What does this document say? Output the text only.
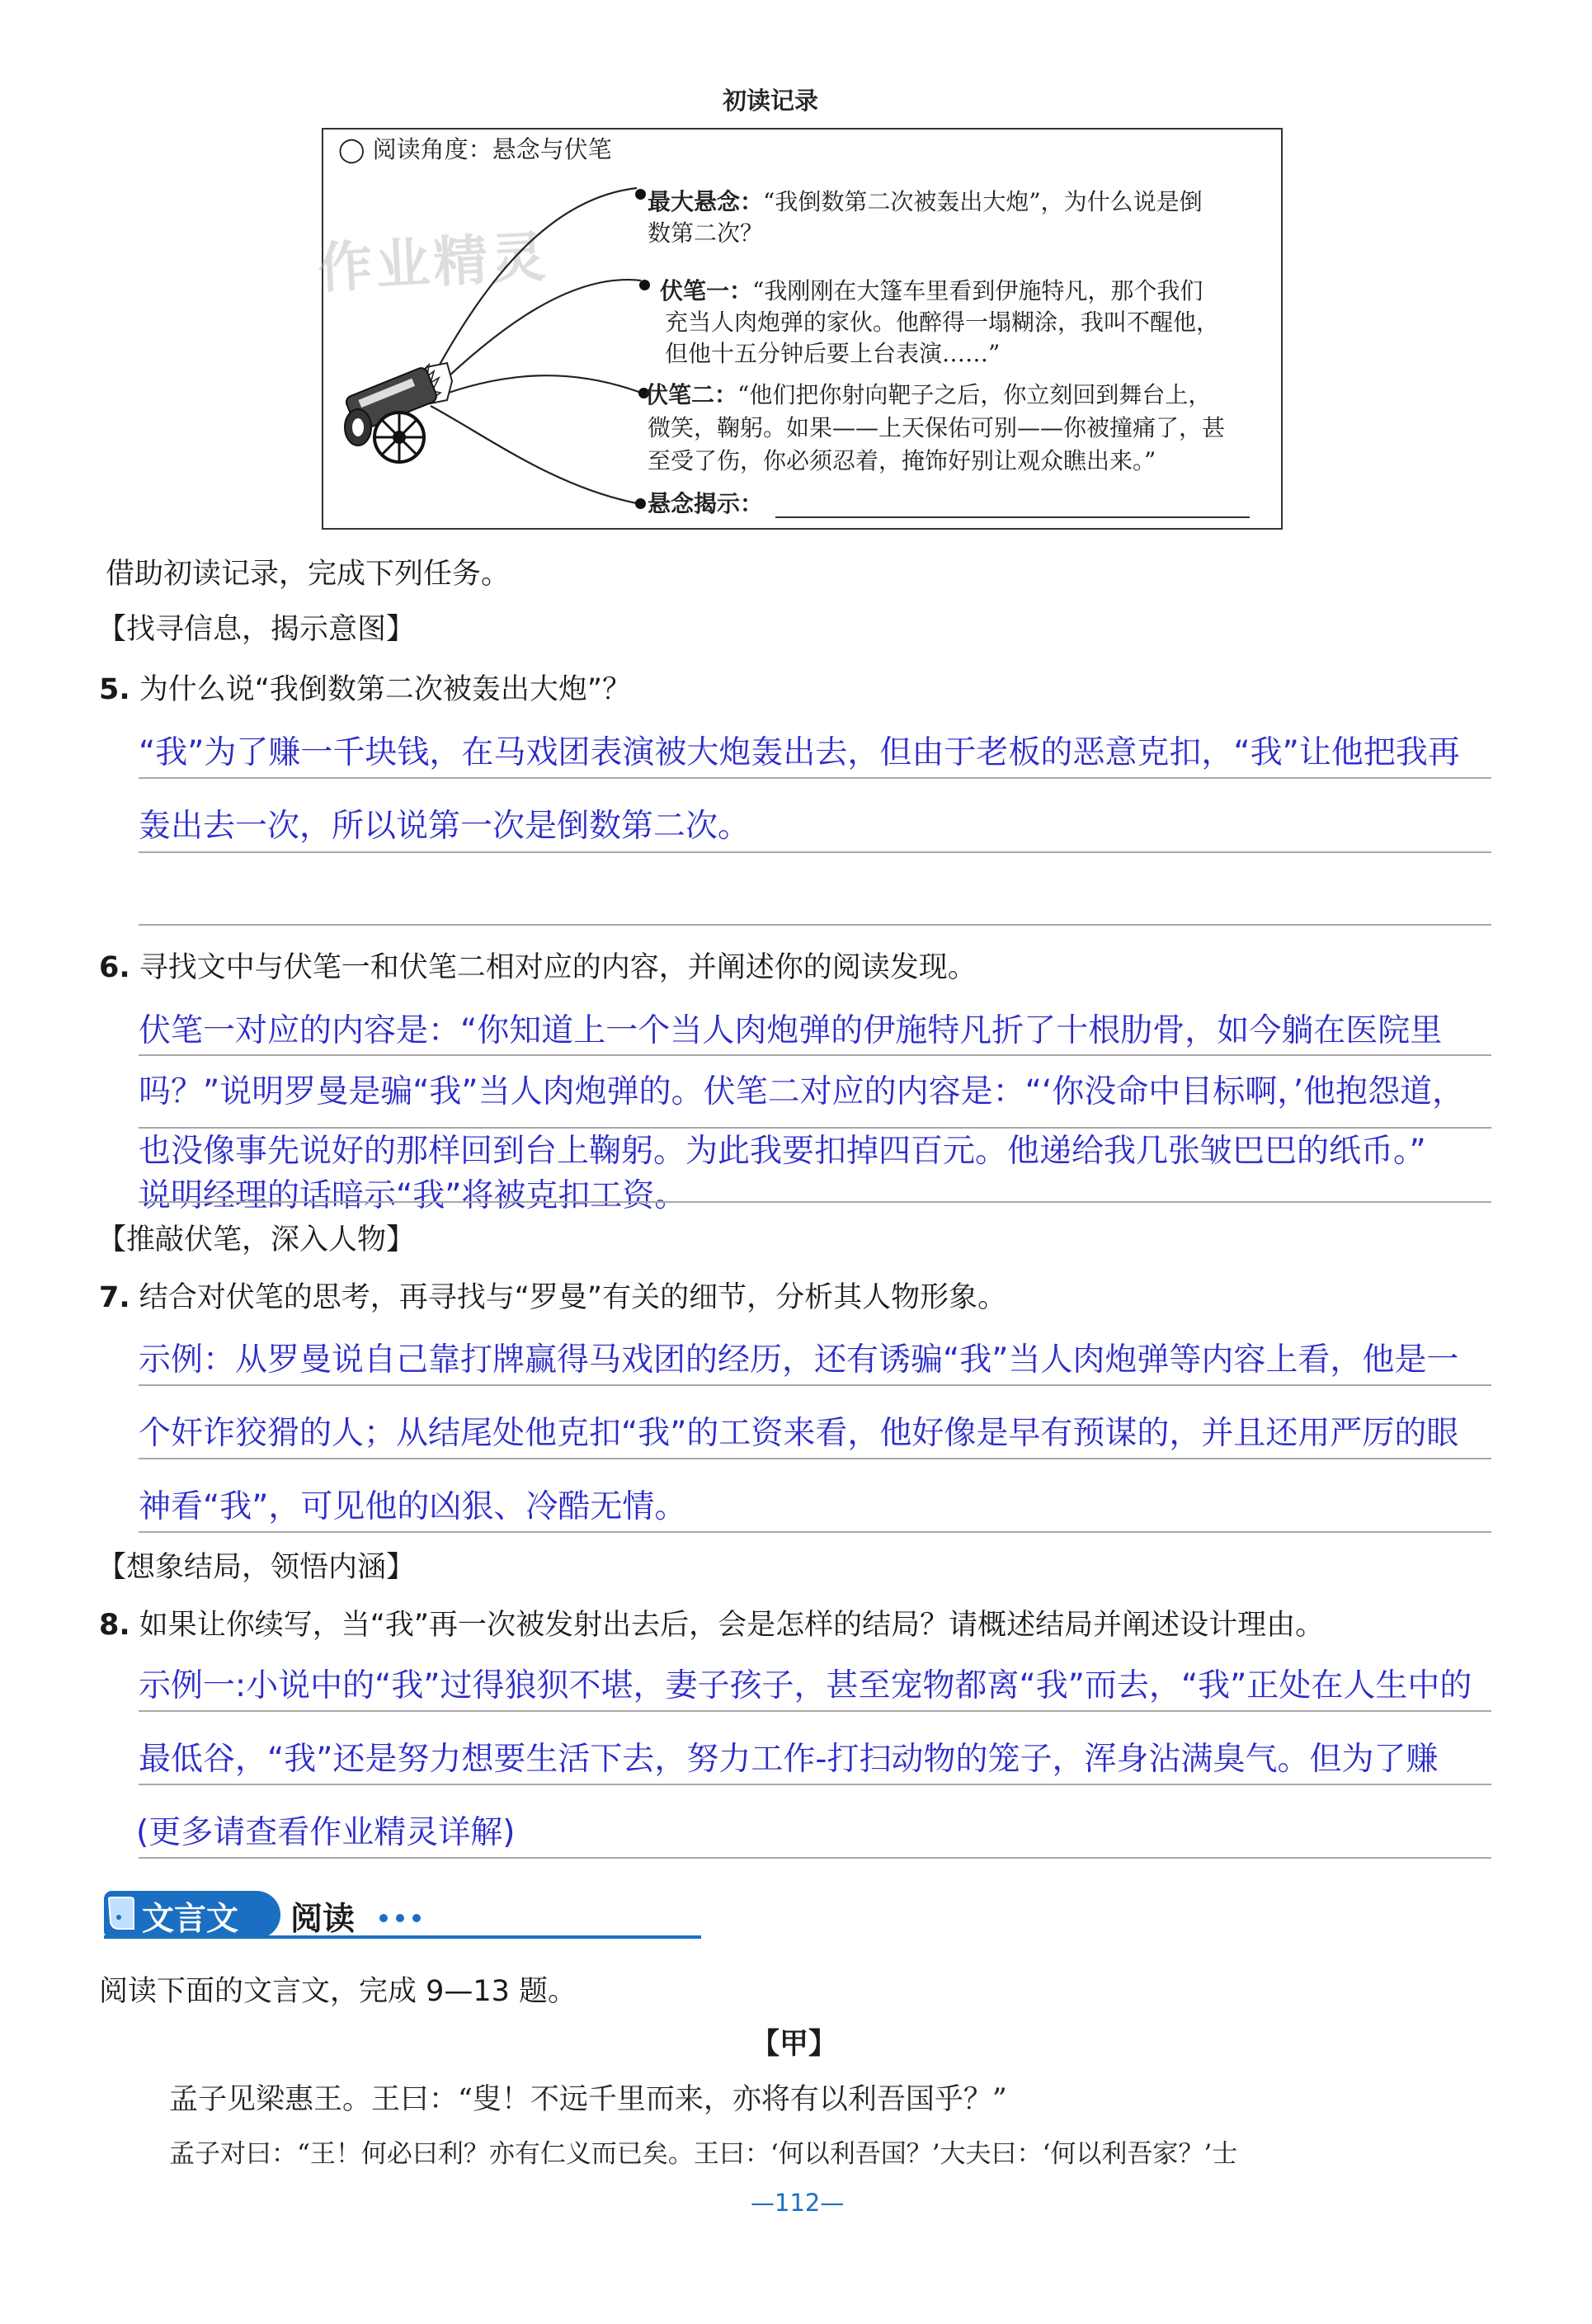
初读记录
◯ 阅读角度：悬念与伏笔
作业精灵
最大悬念：“我倒数第二次被轰出大炮”，为什么说是倒
数第二次？
伏笔一：“我刚刚在大篷车里看到伊施特凡，那个我们
充当人肉炮弹的家伙。他醉得一塌糊涂，我叫不醒他，
但他十五分钟后要上台表演……”
伏笔二：“他们把你射向靶子之后，你立刻回到舞台上，
微笑，鞠躬。如果——上天保佑可别——你被撞痛了，甚
至受了伤，你必须忍着，掩饰好别让观众瞧出来。”
悬念揭示：
借助初读记录，完成下列任务。
【找寻信息，揭示意图】
5. 为什么说“我倒数第二次被轰出大炮”？
“我”为了赚一千块钱，在马戏团表演被大炮轰出去，但由于老板的恶意克扣，“我”让他把我再
轰出去一次，所以说第一次是倒数第二次。
6. 寻找文中与伏笔一和伏笔二相对应的内容，并阐述你的阅读发现。
伏笔一对应的内容是：“你知道上一个当人肉炮弹的伊施特凡折了十根肋骨，如今躺在医院里
吗？”说明罗曼是骗“我”当人肉炮弹的。伏笔二对应的内容是：“‘你没命中目标啊，’他抱怨道，
也没像事先说好的那样回到台上鞠躬。为此我要扣掉四百元。他递给我几张皱巴巴的纸币。”
说明经理的话暗示“我”将被克扣工资。
【推敲伏笔，深入人物】
7. 结合对伏笔的思考，再寻找与“罗曼”有关的细节，分析其人物形象。
示例：从罗曼说自己靠打牌赢得马戏团的经历，还有诱骗“我”当人肉炮弹等内容上看，他是一
个奸诈狡猾的人；从结尾处他克扣“我”的工资来看，他好像是早有预谋的，并且还用严厉的眼
神看“我”，可见他的凶狠、冷酷无情。
【想象结局，领悟内涵】
8. 如果让你续写，当“我”再一次被发射出去后，会是怎样的结局？请概述结局并阐述设计理由。
示例一:小说中的“我”过得狼狈不堪，妻子孩子，甚至宠物都离“我”而去，“我”正处在人生中的
最低谷，“我”还是努力想要生活下去，努力工作-打扫动物的笼子，浑身沾满臭气。但为了赚
(更多请查看作业精灵详解)
文言文 阅读
阅读下面的文言文，完成 9—13 题。
【甲】
孟子见梁惠王。王曰：“叟！不远千里而来，亦将有以利吾国乎？”
孟子对曰：“王！何必曰利？亦有仁义而已矣。王曰：‘何以利吾国？’大夫曰：‘何以利吾家？’士
—112—
